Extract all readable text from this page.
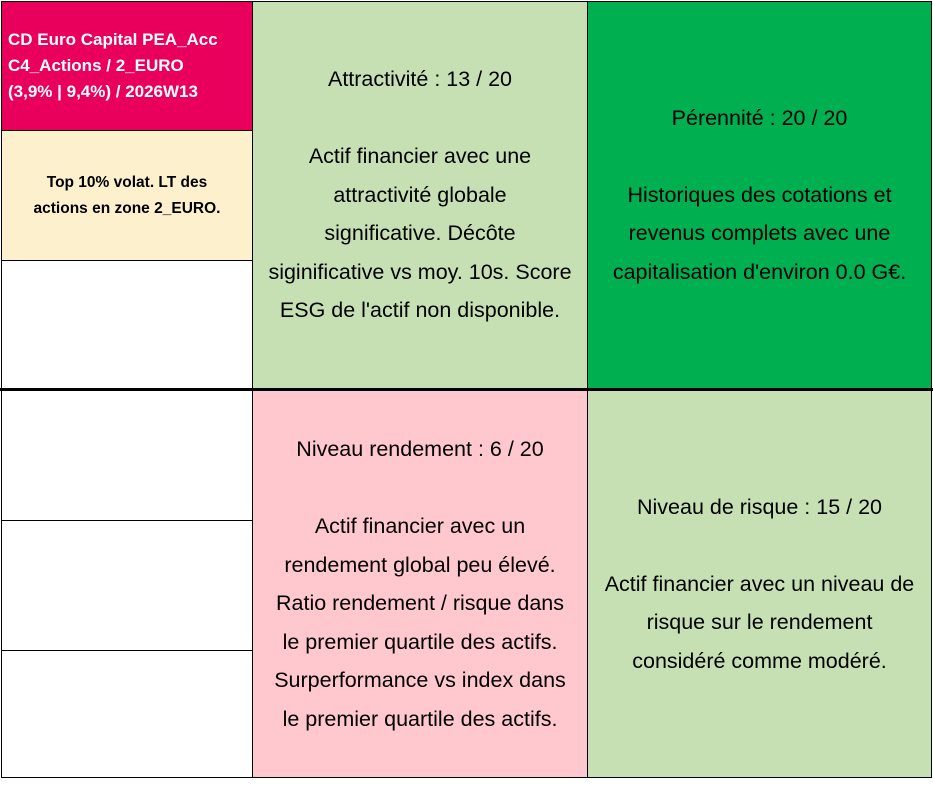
CD Euro Capital PEA_Acc
C4_Actions / 2_EURO
(3,9% | 9,4%) / 2026W13
Top 10% volat. LT des
actions en zone 2_EURO.
Attractivité : 13 / 20
Actif financier avec une
attractivité globale
significative. Décôte
siginificative vs moy. 10s. Score
ESG de l'actif non disponible.
Pérennité : 20 / 20
Historiques des cotations et
revenus complets avec une
capitalisation d'environ 0.0 G€.
Niveau rendement : 6 / 20
Actif financier avec un
rendement global peu élevé.
Ratio rendement / risque dans
le premier quartile des actifs.
Surperformance vs index dans
le premier quartile des actifs.
Niveau de risque : 15 / 20
Actif financier avec un niveau de
risque sur le rendement
considéré comme modéré.
